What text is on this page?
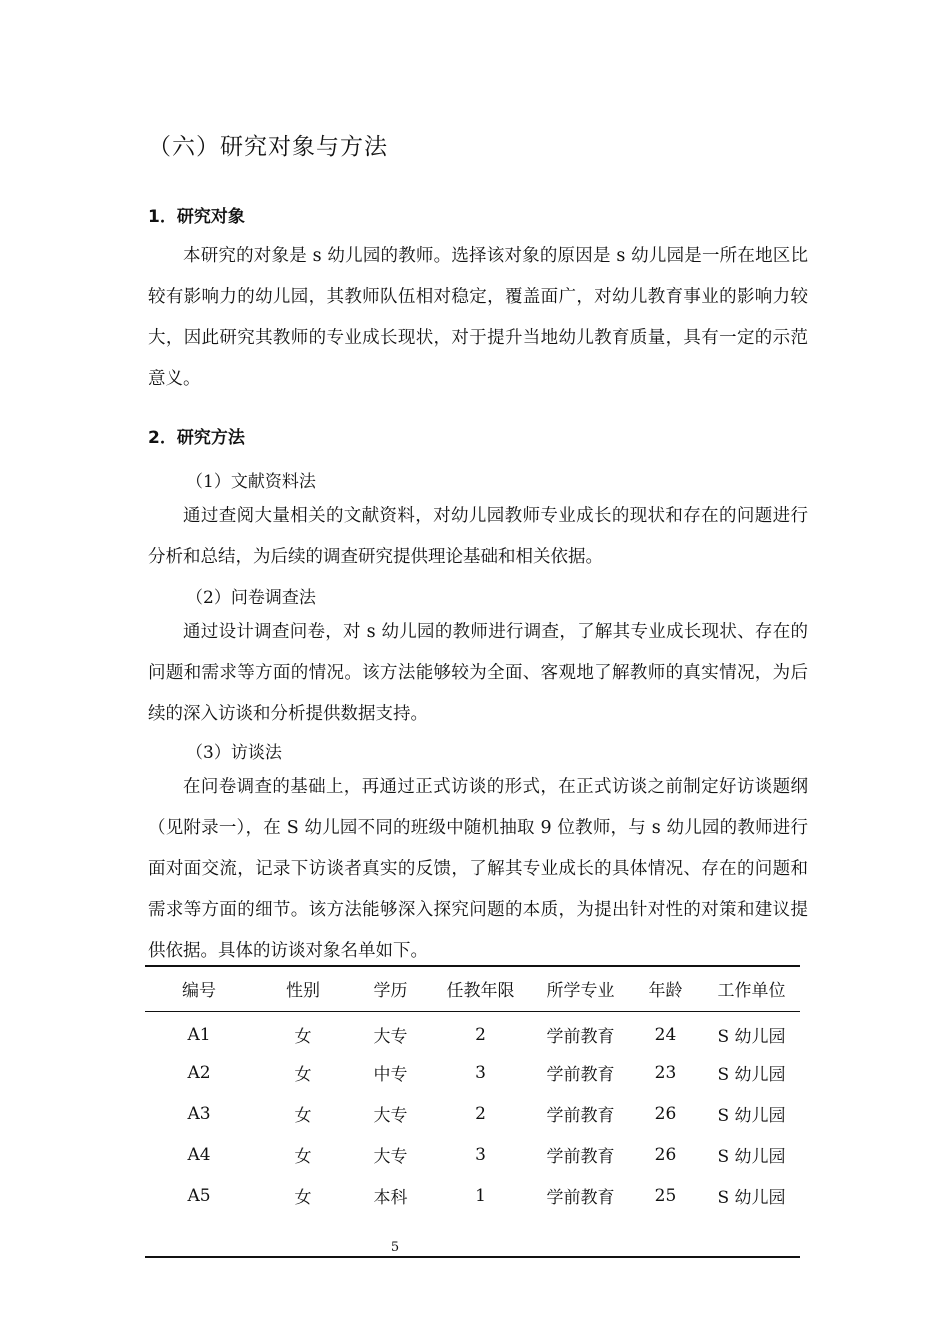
（六）研究对象与方法
1．研究对象

本研究的对象是 s 幼儿园的教师。选择该对象的原因是 s 幼儿园是一所在地区比较有影响力的幼儿园，其教师队伍相对稳定，覆盖面广，对幼儿教育事业的影响力较大，因此研究其教师的专业成长现状，对于提升当地幼儿教育质量，具有一定的示范意义。

2．研究方法
（1）文献资料法

通过查阅大量相关的文献资料，对幼儿园教师专业成长的现状和存在的问题进行分析和总结，为后续的调查研究提供理论基础和相关依据。

（2）问卷调查法

通过设计调查问卷，对 s 幼儿园的教师进行调查，了解其专业成长现状、存在的问题和需求等方面的情况。该方法能够较为全面、客观地了解教师的真实情况，为后续的深入访谈和分析提供数据支持。

（3）访谈法

在问卷调查的基础上，再通过正式访谈的形式，在正式访谈之前制定好访谈题纲（见附录一），在 S 幼儿园不同的班级中随机抽取 9 位教师，与 s 幼儿园的教师进行面对面交流，记录下访谈者真实的反馈，了解其专业成长的具体情况、存在的问题和需求等方面的细节。该方法能够深入探究问题的本质，为提出针对性的对策和建议提供依据。具体的访谈对象名单如下。

编号	性别	学历	任教年限	所学专业	年龄	工作单位
A1	女	大专	2	学前教育	24	S 幼儿园
A2	女	中专	3	学前教育	23	S 幼儿园
A3	女	大专	2	学前教育	26	S 幼儿园
A4	女	大专	3	学前教育	26	S 幼儿园
A5	女	本科	1	学前教育	25	S 幼儿园

5
